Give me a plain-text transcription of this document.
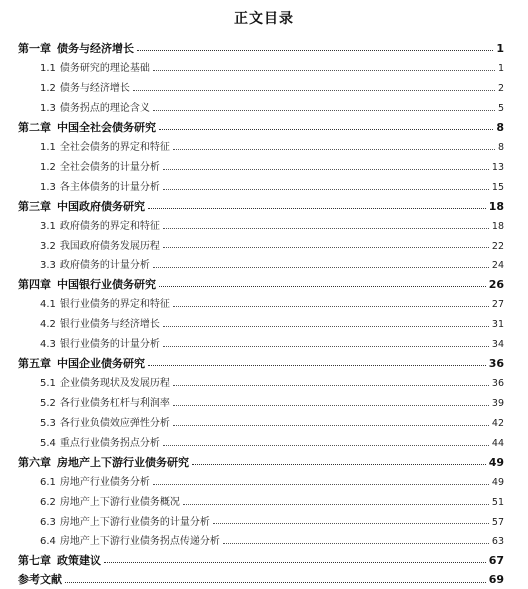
正文目录
第一章 债务与经济增长	1
1.1 债务研究的理论基础	1
1.2 债务与经济增长	2
1.3 债务拐点的理论含义	5
第二章 中国全社会债务研究	8
1.1 全社会债务的界定和特征	8
1.2 全社会债务的计量分析	13
1.3 各主体债务的计量分析	15
第三章 中国政府债务研究	18
3.1 政府债务的界定和特征	18
3.2 我国政府债务发展历程	22
3.3 政府债务的计量分析	24
第四章 中国银行业债务研究	26
4.1 银行业债务的界定和特征	27
4.2 银行业债务与经济增长	31
4.3 银行业债务的计量分析	34
第五章 中国企业债务研究	36
5.1 企业债务现状及发展历程	36
5.2 各行业债务杠杆与利润率	39
5.3 各行业负债效应弹性分析	42
5.4 重点行业债务拐点分析	44
第六章 房地产上下游行业债务研究	49
6.1 房地产行业债务分析	49
6.2 房地产上下游行业债务概况	51
6.3 房地产上下游行业债务的计量分析	57
6.4 房地产上下游行业债务拐点传递分析	63
第七章 政策建议	67
参考文献	69
